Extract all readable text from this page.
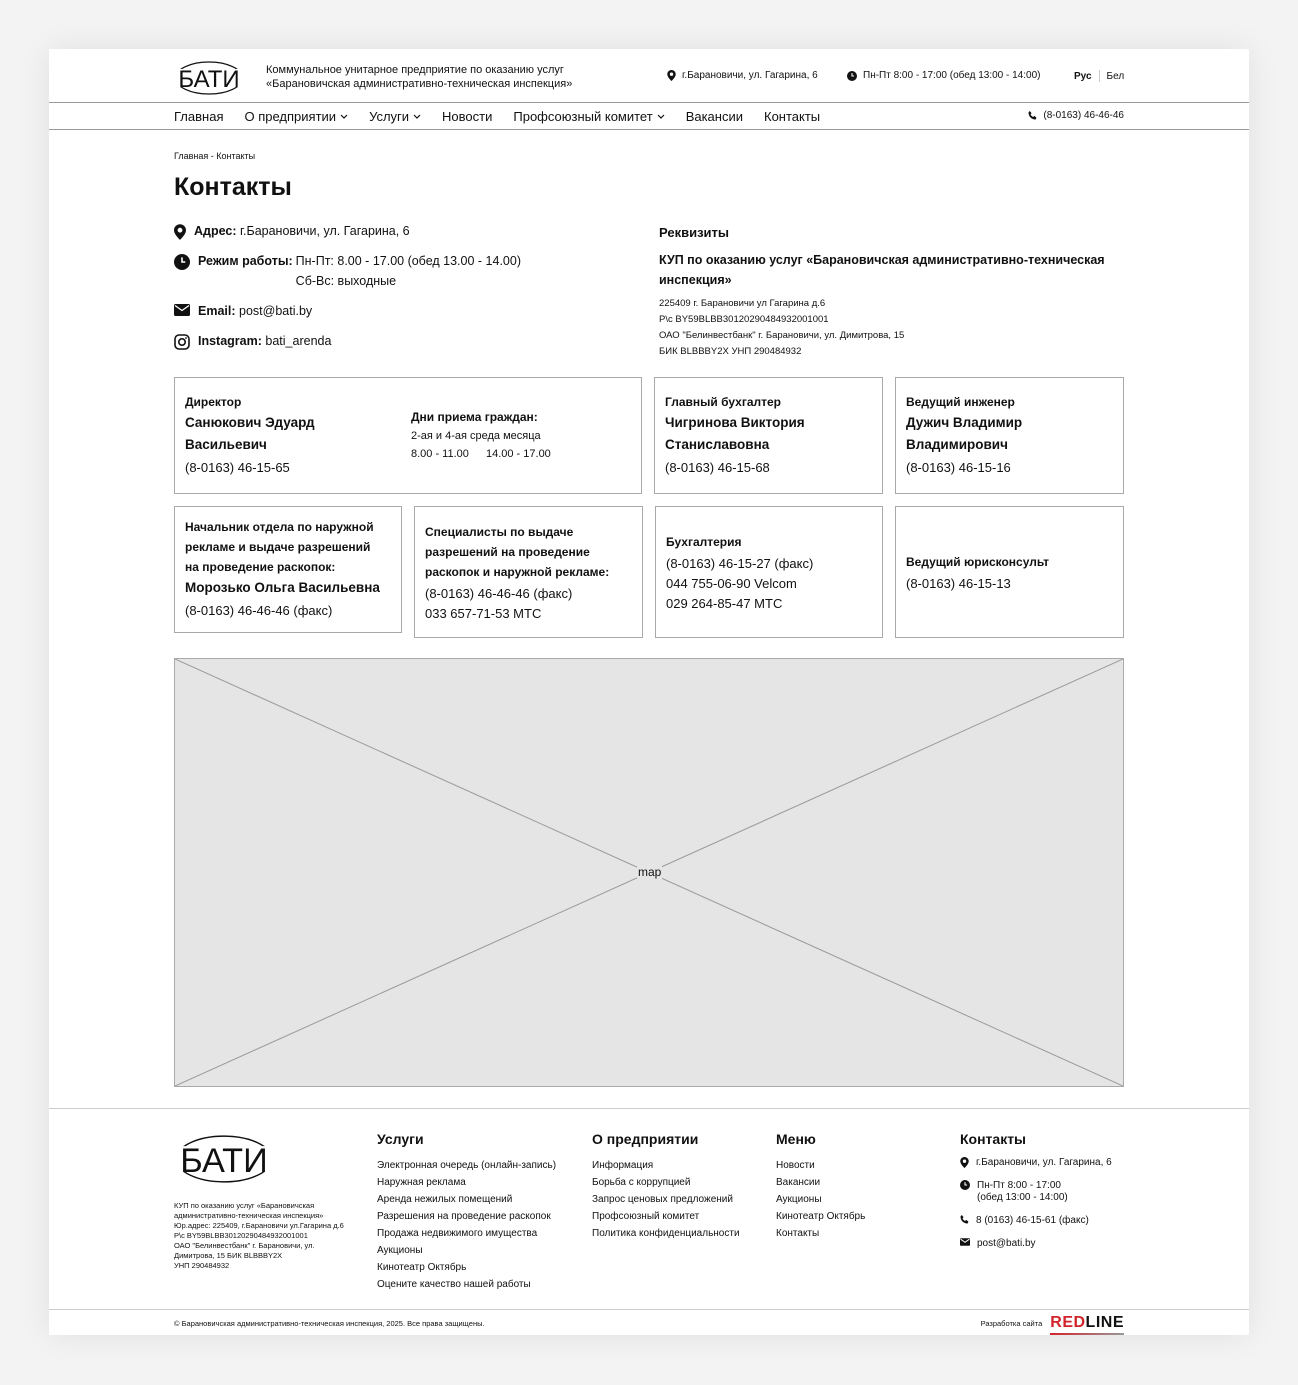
БАТИ Коммунальное унитарное предприятие по оказанию услуг
«Барановичская административно-техническая инспекция»
г.Барановичи, ул. Гагарина, 6	Пн-Пт 8:00 - 17:00 (обед 13:00 - 14:00)	Рус Бел
Главная О предприятии	Услуги	Новости Профсоюзный комитет	Вакансии Контакты	(8-0163) 46-46-46
Главная - Контакты
Контакты
Адрес: г.Барановичи, ул. Гагарина, 6
Режим работы: Пн-Пт: 8.00 - 17.00 (обед 13.00 - 14.00)
Сб-Вс: выходные
Email: post@bati.by
Instagram: bati_arenda
Реквизиты
КУП по оказанию услуг «Барановичская административно-техническая инспекция»
225409 г. Барановичи ул Гагарина д.6
Р\с BY59BLBB30120290484932001001
ОАО "Белинвестбанк" г. Барановичи, ул. Димитрова, 15
БИК BLBBBY2X УНП 290484932
Директор
Санюкович Эдуард
Васильевич
(8-0163) 46-15-65
Дни приема граждан:
2-ая и 4-ая среда месяца
8.00 - 11.00 14.00 - 17.00
Главный бухгалтер
Чигринова Виктория
Станиславовна
(8-0163) 46-15-68
Ведущий инженер
Дужич Владимир
Владимирович
(8-0163) 46-15-16
Начальник отдела по наружной
рекламе и выдаче разрешений
на проведение раскопок:
Морозько Ольга Васильевна
(8-0163) 46-46-46 (факс)
Специалисты по выдаче
разрешений на проведение
раскопок и наружной рекламе:
(8-0163) 46-46-46 (факс)
033 657-71-53 МТС
Бухгалтерия
(8-0163) 46-15-27 (факс)
044 755-06-90 Velcom
029 264-85-47 МТС
Ведущий юрисконсульт
(8-0163) 46-15-13
map
БАТИ
КУП по оказанию услуг «Барановичская
административно-техническая инспекция»
Юр.адрес: 225409, г.Барановичи ул.Гагарина д.6
Р\с BY59BLBB30120290484932001001
ОАО "Белинвестбанк" г. Барановичи, ул.
Димитрова, 15 БИК BLBBBY2X
УНП 290484932
Услуги
Электронная очередь (онлайн-запись)
Наружная реклама
Аренда нежилых помещений
Разрешения на проведение раскопок
Продажа недвижимого имущества
Аукционы
Кинотеатр Октябрь
Оцените качество нашей работы
О предприятии
Информация
Борьба с коррупцией
Запрос ценовых предложений
Профсоюзный комитет
Политика конфиденциальности
Меню
Новости
Вакансии
Аукционы
Кинотеатр Октябрь
Контакты
Контакты
г.Барановичи, ул. Гагарина, 6
Пн-Пт 8:00 - 17:00
(обед 13:00 - 14:00)
8 (0163) 46-15-61 (факс)
post@bati.by
© Барановичская административно-техническая инспекция, 2025. Все права защищены.	Разработка сайта REDLINE
